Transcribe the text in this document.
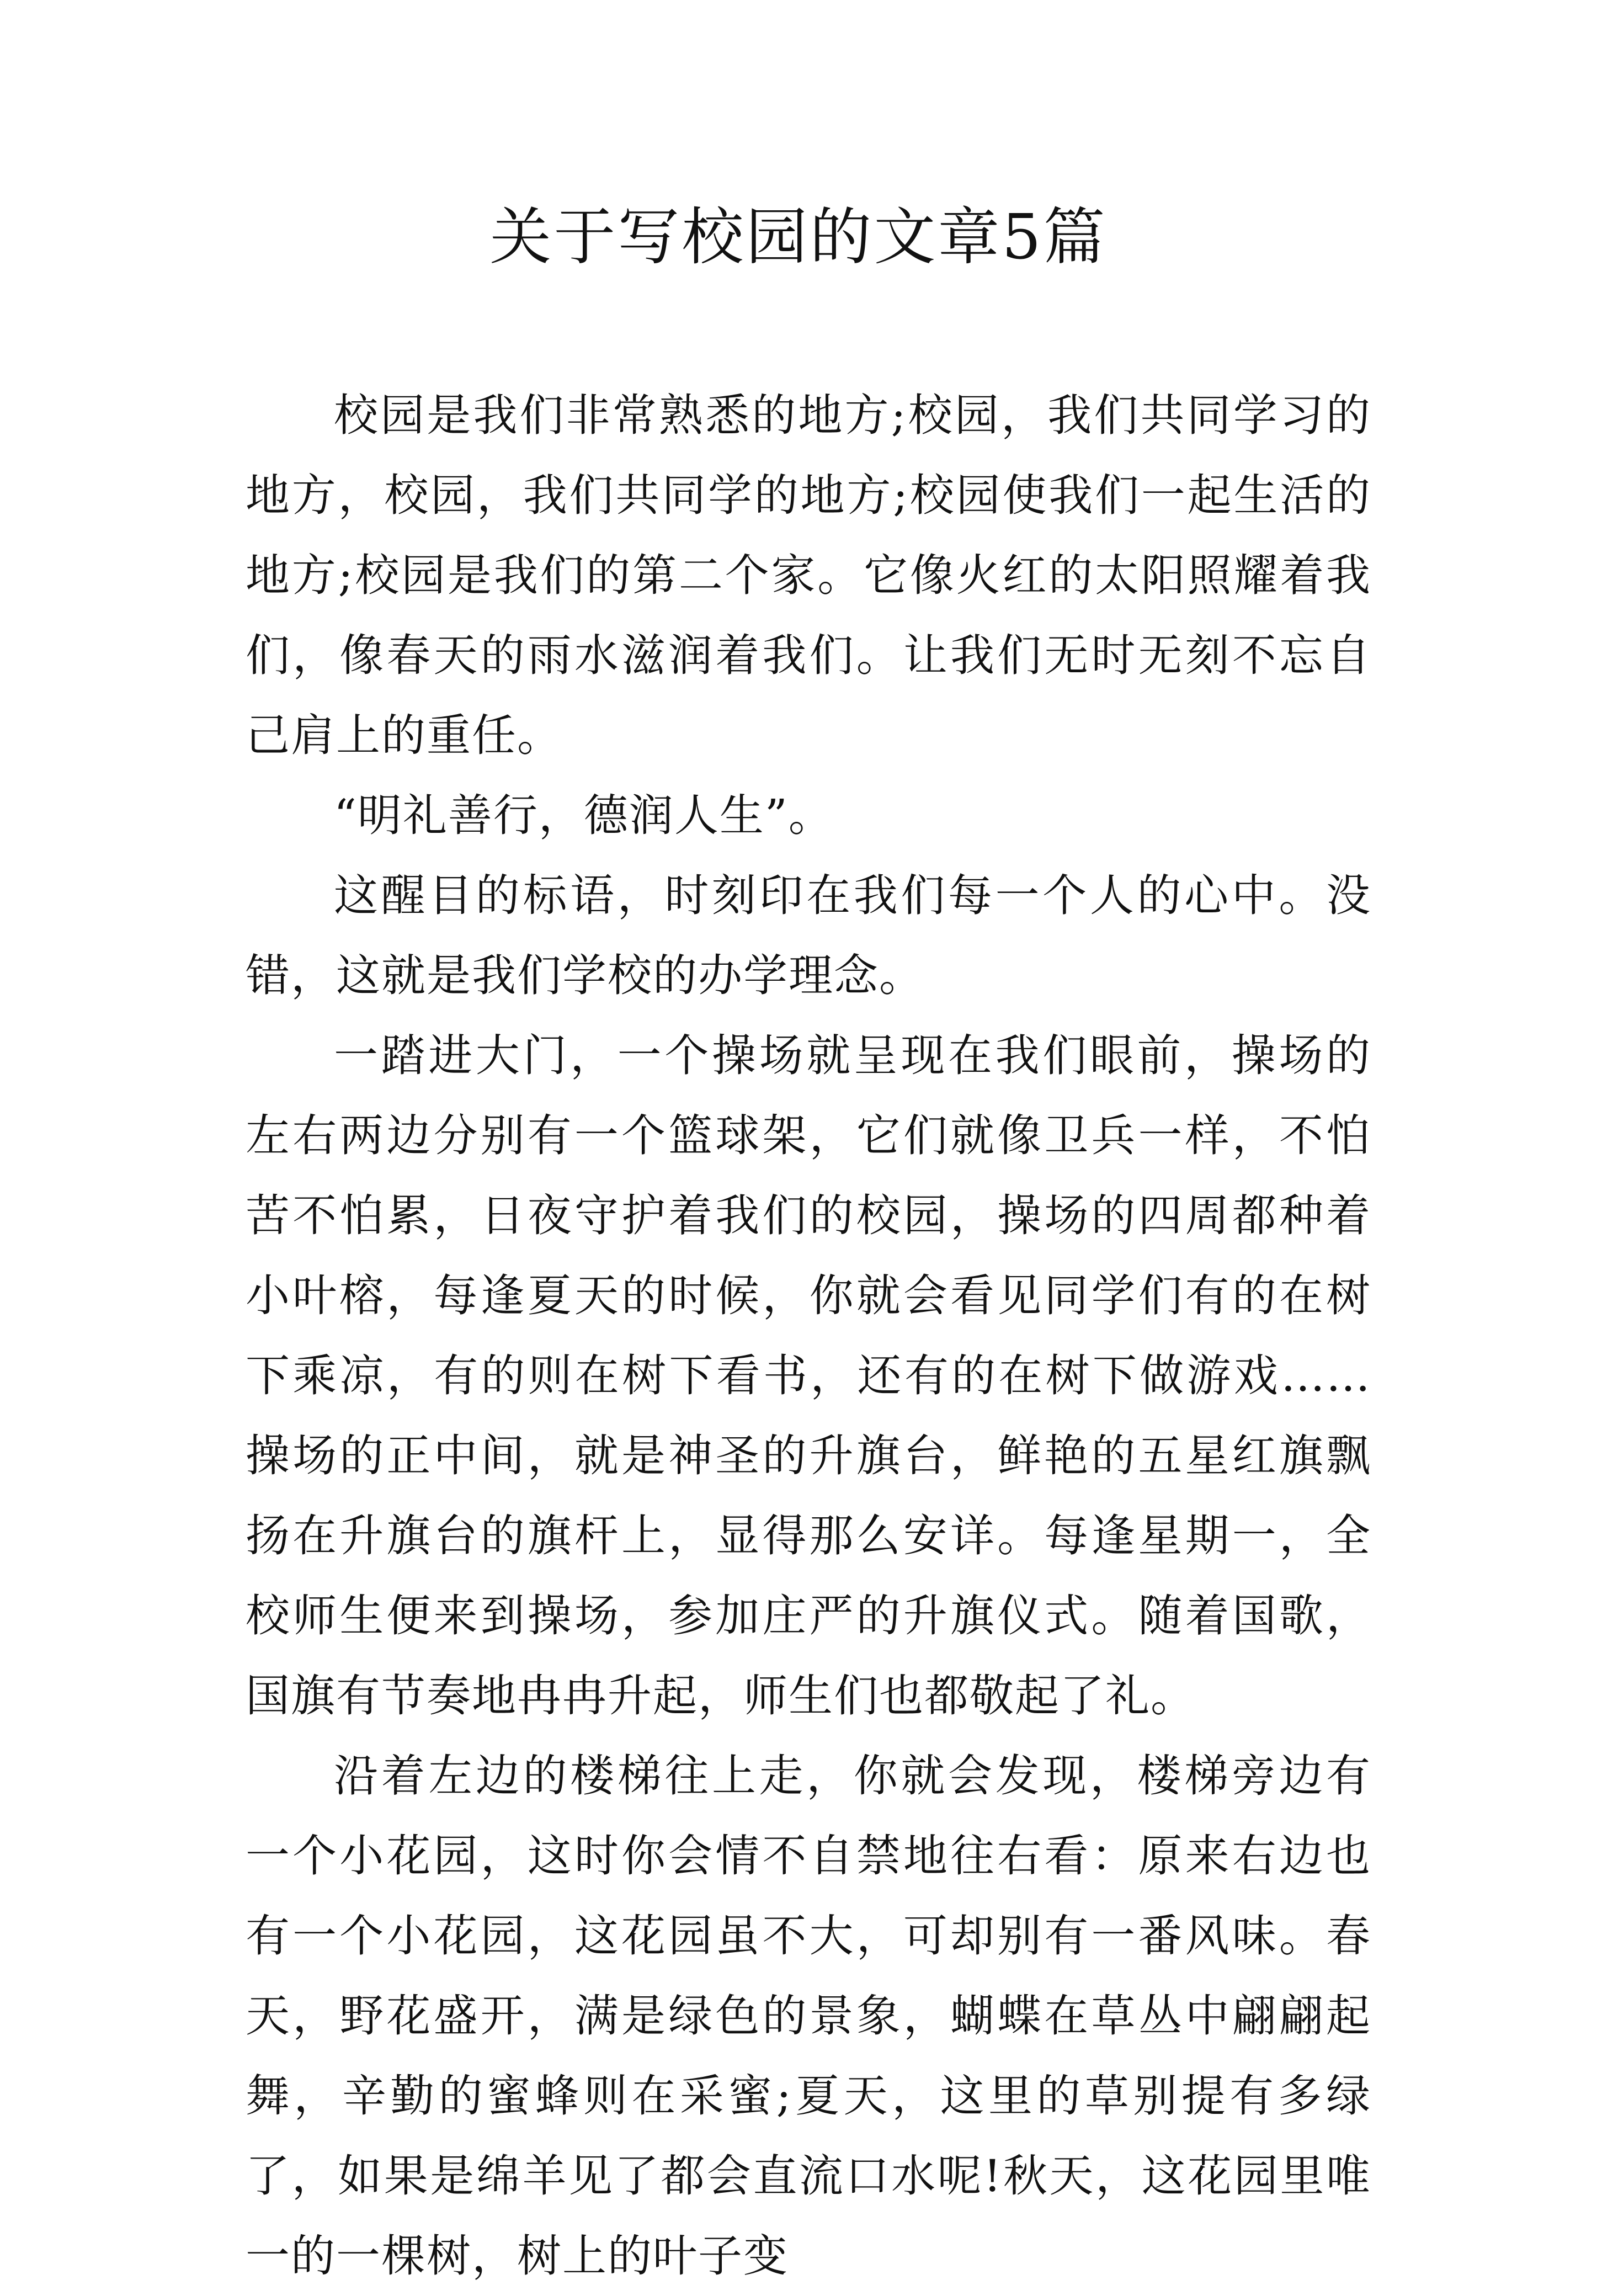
关于写校园的文章5篇

校园是我们非常熟悉的地方;校园，我们共同学习的地方，校园，我们共同学的地方;校园使我们一起生活的地方;校园是我们的第二个家。它像火红的太阳照耀着我们，像春天的雨水滋润着我们。让我们无时无刻不忘自己肩上的重任。

“明礼善行，德润人生”。

这醒目的标语，时刻印在我们每一个人的心中。没错，这就是我们学校的办学理念。

一踏进大门，一个操场就呈现在我们眼前，操场的左右两边分别有一个篮球架，它们就像卫兵一样，不怕苦不怕累，日夜守护着我们的校园，操场的四周都种着小叶榕，每逢夏天的时候，你就会看见同学们有的在树下乘凉，有的则在树下看书，还有的在树下做游戏……操场的正中间，就是神圣的升旗台，鲜艳的五星红旗飘扬在升旗台的旗杆上，显得那么安详。每逢星期一，全校师生便来到操场，参加庄严的升旗仪式。随着国歌，国旗有节奏地冉冉升起，师生们也都敬起了礼。

沿着左边的楼梯往上走，你就会发现，楼梯旁边有一个小花园，这时你会情不自禁地往右看：原来右边也有一个小花园，这花园虽不大，可却别有一番风味。春天，野花盛开，满是绿色的景象，蝴蝶在草丛中翩翩起舞，辛勤的蜜蜂则在采蜜;夏天，这里的草别提有多绿了，如果是绵羊见了都会直流口水呢!秋天，这花园里唯一的一棵树，树上的叶子变
